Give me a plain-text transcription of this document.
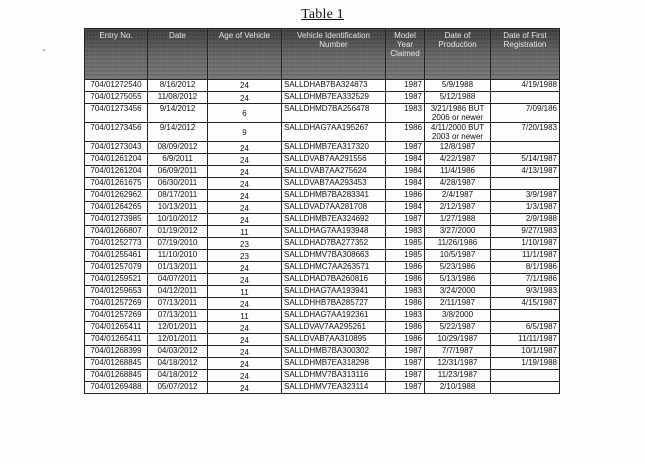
Table 1
Entry No.	Date	Age of Vehicle	Vehicle Identification Number	Model Year Claimed	Date of Production	Date of First Registration
704/01272540	8/16/2012	24	SALLDHAB7BA324873	1987	5/9/1988	4/19/1988
704/01275055	11/08/2012	24	SALLDHMB7EA332529	1987	5/12/1988	
704/01273456	9/14/2012	6	SALLDHMD7BA256478	1983	3/21/1986 BUT 2006 or newer	7/09/186
704/01273456	9/14/2012	9	SALLDHAG7AA195267	1986	4/11/2000 BUT 2003 or newer	7/20/1983
704/01273043	08/09/2012	24	SALLDHMB7EA317320	1987	12/8/1987	
704/01261204	6/9/2011	24	SALLDVAB7AA291556	1984	4/22/1987	5/14/1987
704/01261204	06/09/2011	24	SALLDVAB7AA275624	1984	11/4/1986	4/13/1987
704/01261675	06/30/2011	24	SALLDVAB7AA293453	1984	4/28/1987	
704/01262962	08/17/2011	24	SALLDHMB7BA283341	1986	2/4/1987	3/9/1987
704/01264265	10/13/2011	24	SALLDVAD7AA281708	1984	2/12/1987	1/3/1987
704/01273985	10/10/2012	24	SALLDHMB7EA324692	1987	1/27/1988	2/9/1988
704/01266807	01/19/2012	11	SALLDHAG7AA193948	1983	3/27/2000	9/27/1983
704/01252773	07/19/2010	23	SALLDHAD7BA277352	1985	11/26/1986	1/10/1987
704/01255461	11/10/2010	23	SALLDHMV7BA308663	1985	10/5/1987	11/1/1987
704/01257079	01/13/2011	24	SALLDHMC7AA263571	1986	5/23/1986	8/1/1986
704/01259521	04/07/2011	24	SALLDHAD7BA260816	1986	5/13/1986	7/1/1986
704/01259653	04/12/2011	11	SALLDHAG7AA193941	1983	3/24/2000	9/3/1983
704/01257269	07/13/2011	24	SALLDHHB7BA285727	1986	2/11/1987	4/15/1987
704/01257269	07/13/2011	11	SALLDHAG7AA192361	1983	3/8/2000	
704/01265411	12/01/2011	24	SALLDVAV7AA295261	1986	5/22/1987	6/5/1987
704/01265411	12/01/2011	24	SALLDVAB7AA310895	1986	10/29/1987	11/11/1987
704/01268399	04/03/2012	24	SALLDHMB7BA300302	1987	7/7/1987	10/1/1987
704/01268845	04/18/2012	24	SALLDHMB7EA318298	1987	12/31/1987	1/19/1988
704/01268845	04/18/2012	24	SALLDHMV7BA313116	1987	11/23/1987	
704/01269488	05/07/2012	24	SALLDHMV7EA323114	1987	2/10/1988	
